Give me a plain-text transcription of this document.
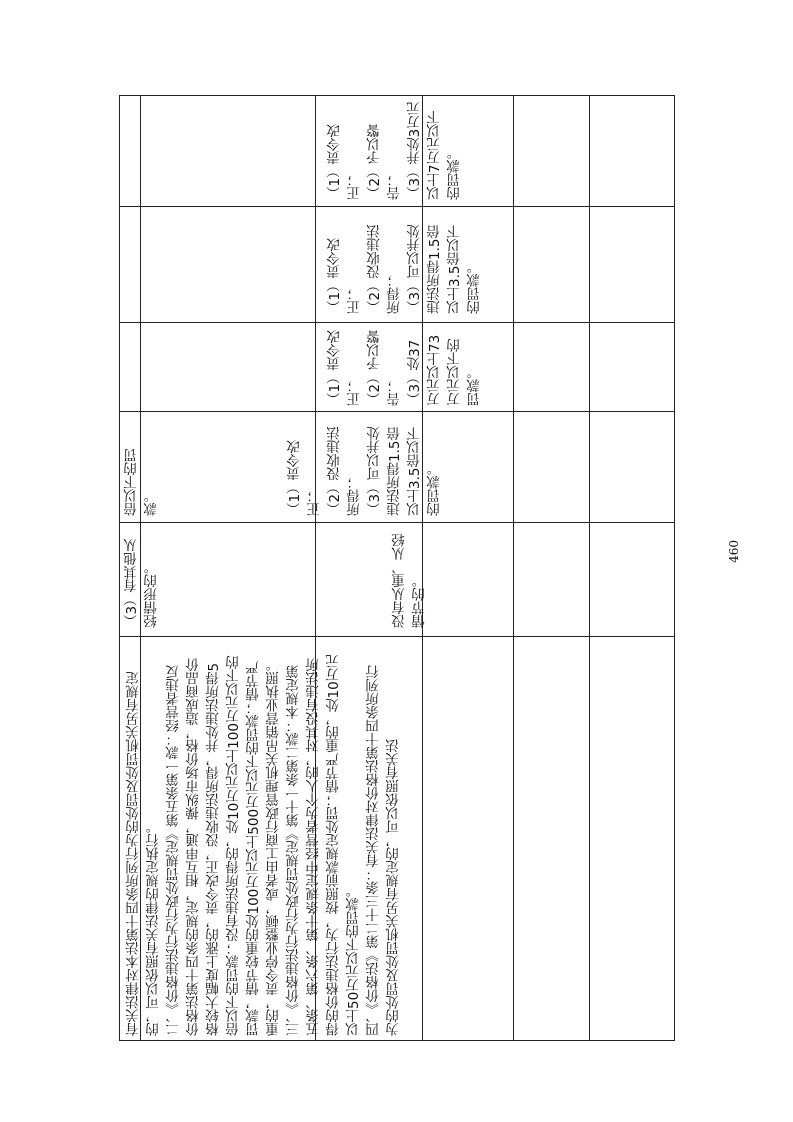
有关法律对本法第十四条所列行为的处罚及处罚机关另有规定的，可以依照有关法律的规定执行。
二、《价格违法行为行政处罚规定》第五条第一款：经营者违反价格法第十四条的规定，相互串通，操纵市场价格，造成商品价格较大幅度上涨的，责令改正，没收违法所得，并处违法所得5倍以下的罚款；没有违法所得的，处10万元以上100万元以下的罚款，情节较重的处100万元以上500万元以下的罚款；情节严重的，责令停业整顿，或者由工商行政管理机关吊销营业执照。
三、《价格违法行为行政处罚规定》第十一条第二款：本规定第五条、第六条、第十条规定中经营者为个人的，对其没有违法所得的价格违法行为，按照前款规定处罚；情节严重的，处10万元以上50万元以下的罚款。
四、《价格法》第二十三条：有关法律对价格法第十四条所列行为的处罚及处罚机关另有规定的，可以依照有关法
（3）有其他从轻情形的。	没有从重、从轻情节的。
倍以下的罚款。	（1）责令改正；
（2）没收违法所得；
（3）可以并处违法所得1.5倍以上3.5倍以下的罚款。
（1）责令改正；
（2）予以警告；
（3）处37万元以上73万元以下的罚款。
（1）责令改正；
（2）没收违法所得；
（3）可以并处违法所得1.5倍以上3.5倍以下的罚款。
（1）责令改正；
（2）予以警告；
（3）并处3万元以上7万元以下的罚款。
460
